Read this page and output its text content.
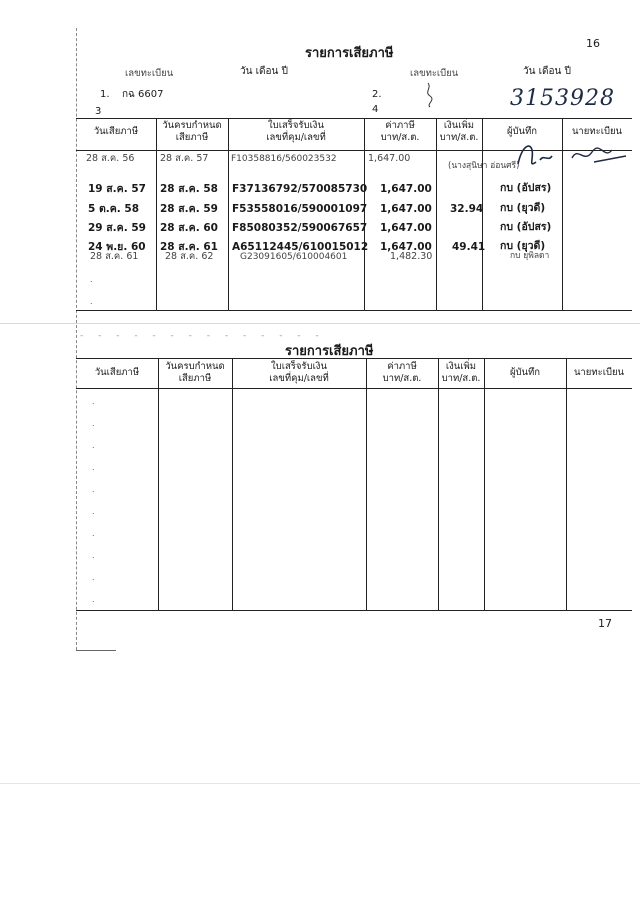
16
รายการเสียภาษี
เลขทะเบียน	วัน เดือน ปี	เลขทะเบียน	วัน เดือน ปี
1. กฉ 6607	2.
3	4	3153928
วันเสียภาษี
วันครบกำหนด
เสียภาษี
ใบเสร็จรับเงิน
เลขที่คุม/เลขที่
ค่าภาษี
บาท/ส.ต.
เงินเพิ่ม
บาท/ส.ต.
ผู้บันทึก	นายทะเบียน
28 ส.ค. 56	28 ส.ค. 57	F10358816/560023532	1,647.00
(นางสุนิษา อ่อนศรี)
19 ส.ค. 57 28 ส.ค. 58 F37136792/570085730 1,647.00	กบ (อัปสร)
5 ต.ค. 58 28 ส.ค. 59 F53558016/590001097 1,647.00 32.94 กบ (ยุวดี)
29 ส.ค. 59 28 ส.ค. 60 F85080352/590067657 1,647.00	กบ (อัปสร)
24 พ.ย. 60 28 ส.ค. 61 A65112445/610015012 1,647.00 49.41 กบ (ยุวดี)
28 ส.ค. 61	28 ส.ค. 62	G23091605/610004601	1,482.30	กบ ยุพิลดา
.
.
- - - - - - - - - - - - - -
รายการเสียภาษี
วันเสียภาษี
วันครบกำหนด
เสียภาษี
ใบเสร็จรับเงิน
เลขที่คุม/เลขที่
ค่าภาษี
บาท/ส.ต.
เงินเพิ่ม
บาท/ส.ต.
ผู้บันทึก	นายทะเบียน
.
.
.
.
.
.
.
.
.
.
17
